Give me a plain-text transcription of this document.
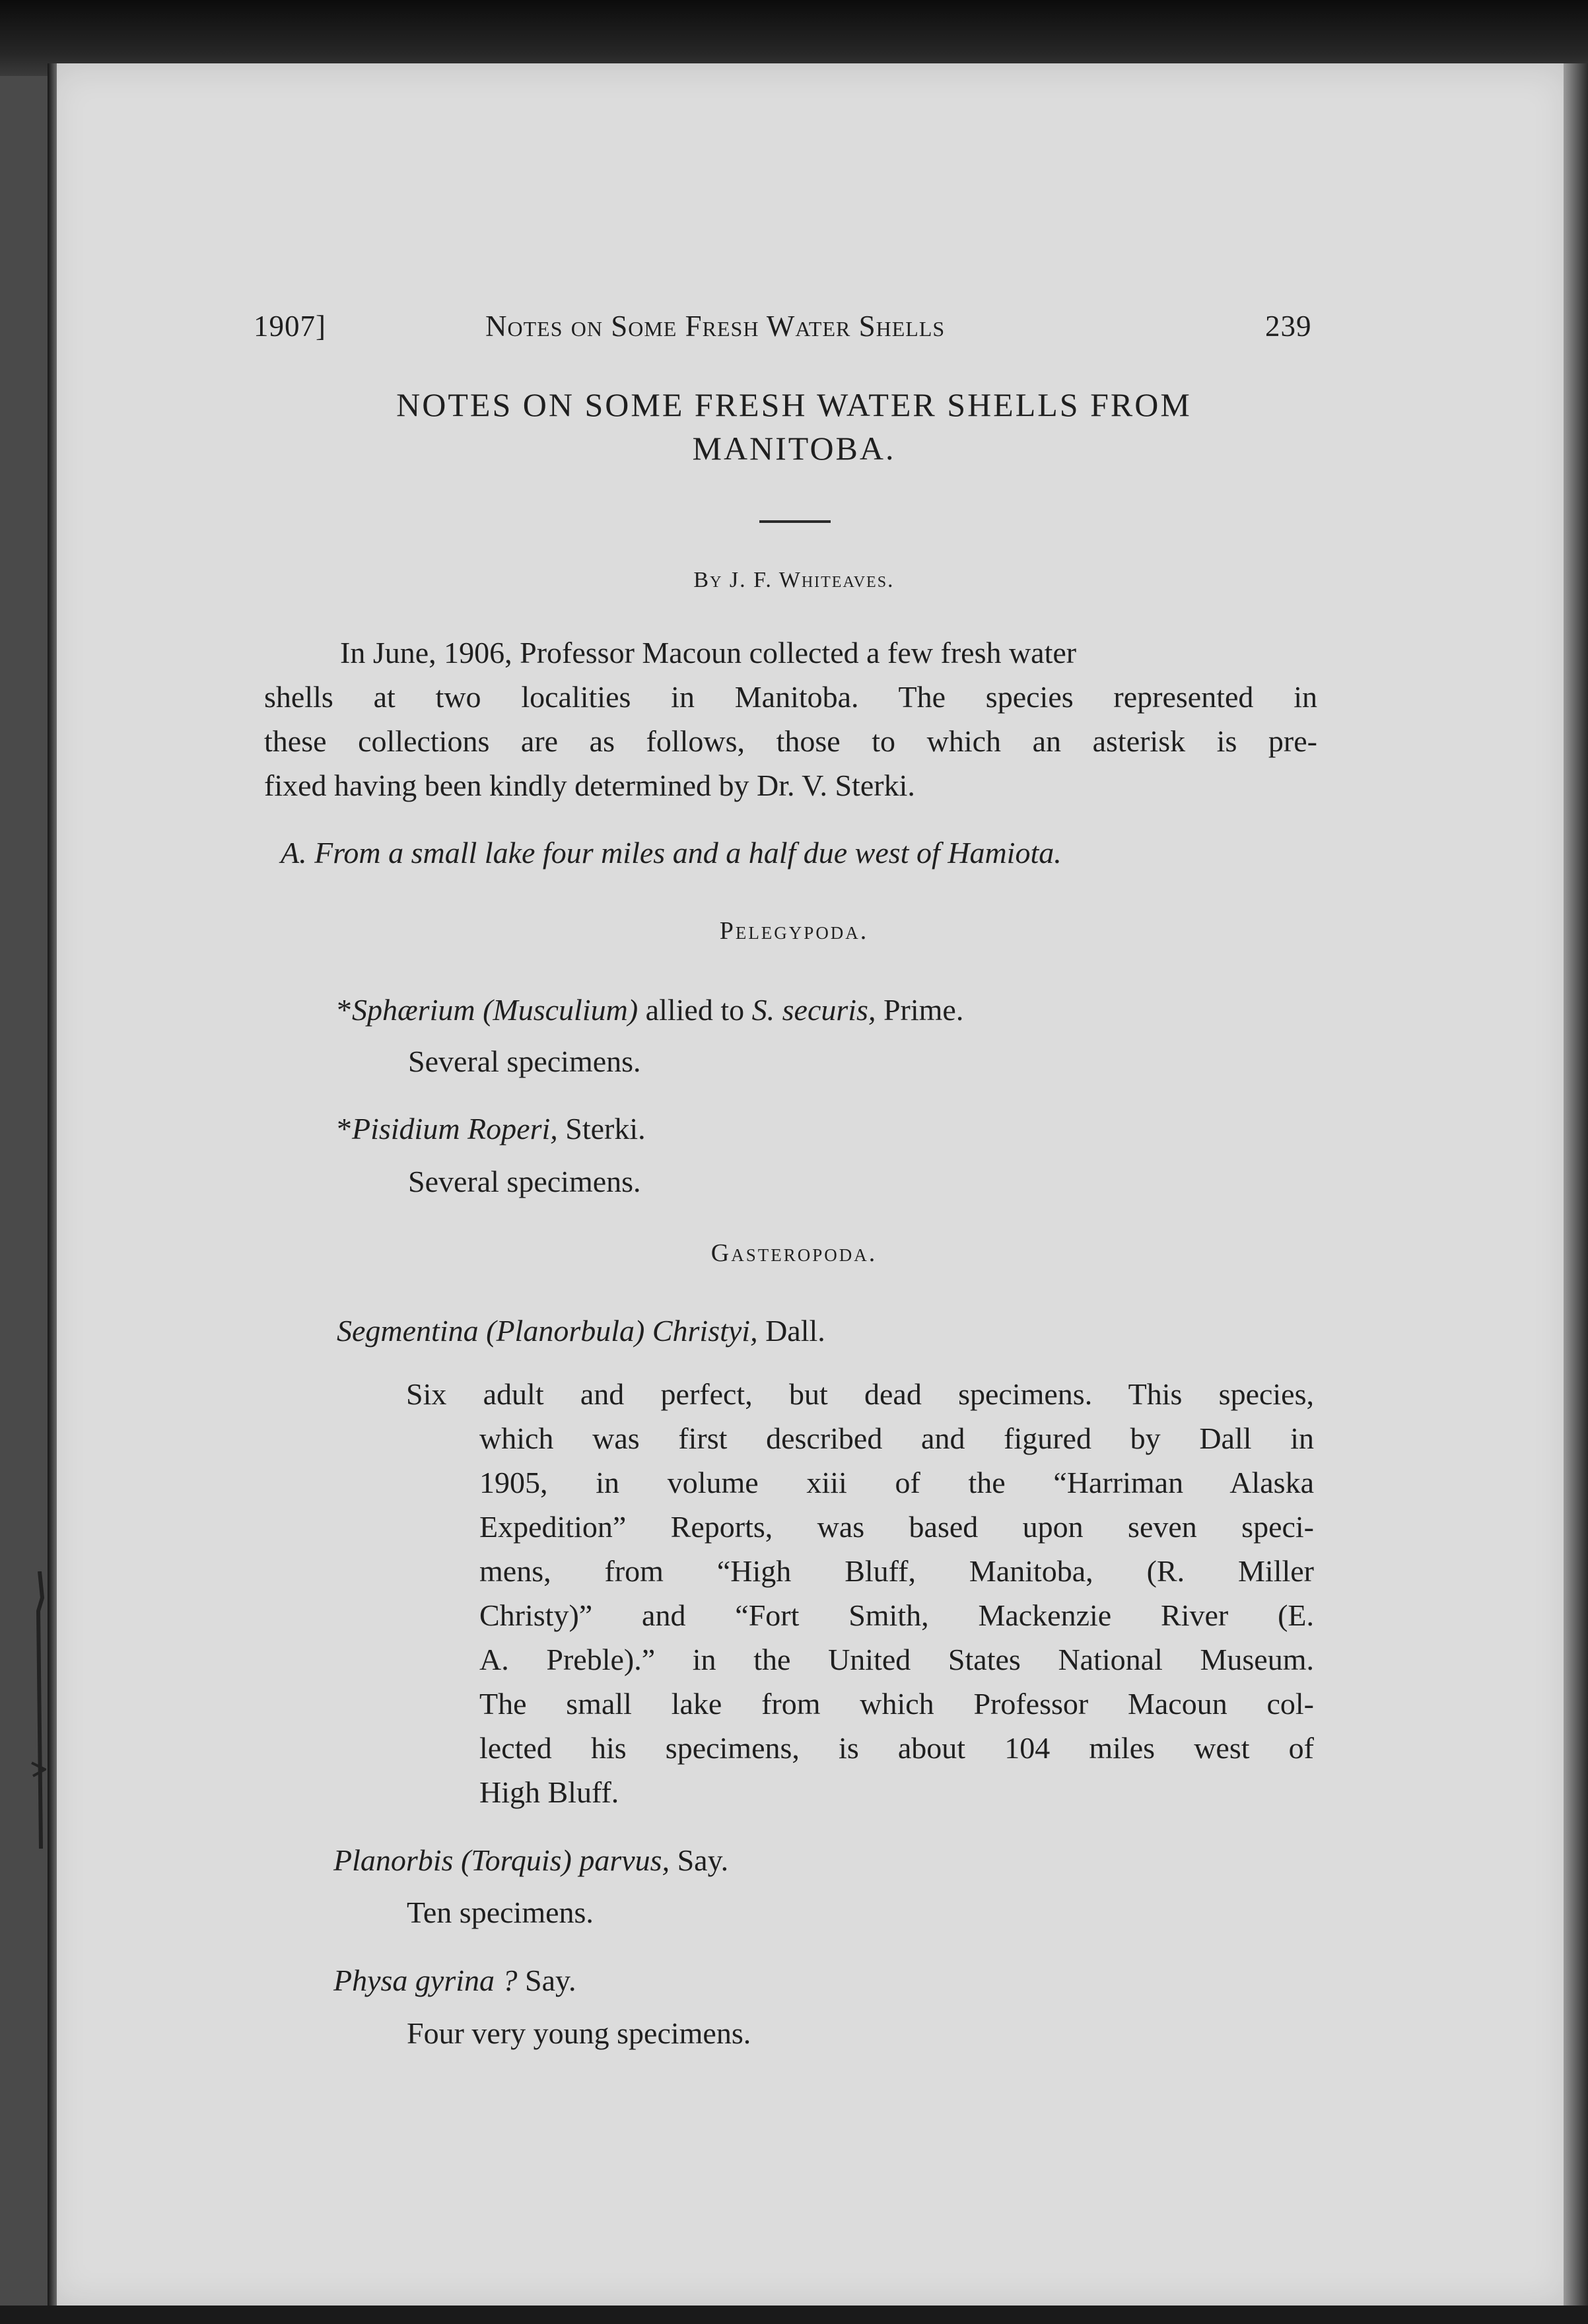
1907]	Notes on Some Fresh Water Shells	239
NOTES ON SOME FRESH WATER SHELLS FROM
MANITOBA.
By J. F. Whiteaves.
In June, 1906, Professor Macoun collected a few fresh water
shells at two localities in Manitoba. The species represented in
these collections are as follows, those to which an asterisk is pre-
fixed having been kindly determined by Dr. V. Sterki.
A. From a small lake four miles and a half due west of Hamiota.
Pelegypoda.
*Sphærium (Musculium) allied to S. securis, Prime.
Several specimens.
*Pisidium Roperi, Sterki.
Several specimens.
Gasteropoda.
Segmentina (Planorbula) Christyi, Dall.
Six adult and perfect, but dead specimens. This species,
which was first described and figured by Dall in
1905, in volume xiii of the “Harriman Alaska
Expedition” Reports, was based upon seven speci-
mens, from “High Bluff, Manitoba, (R. Miller
Christy)” and “Fort Smith, Mackenzie River (E.
A. Preble).” in the United States National Museum.
The small lake from which Professor Macoun col-
lected his specimens, is about 104 miles west of
High Bluff.
Planorbis (Torquis) parvus, Say.
Ten specimens.
Physa gyrina ? Say.
Four very young specimens.
